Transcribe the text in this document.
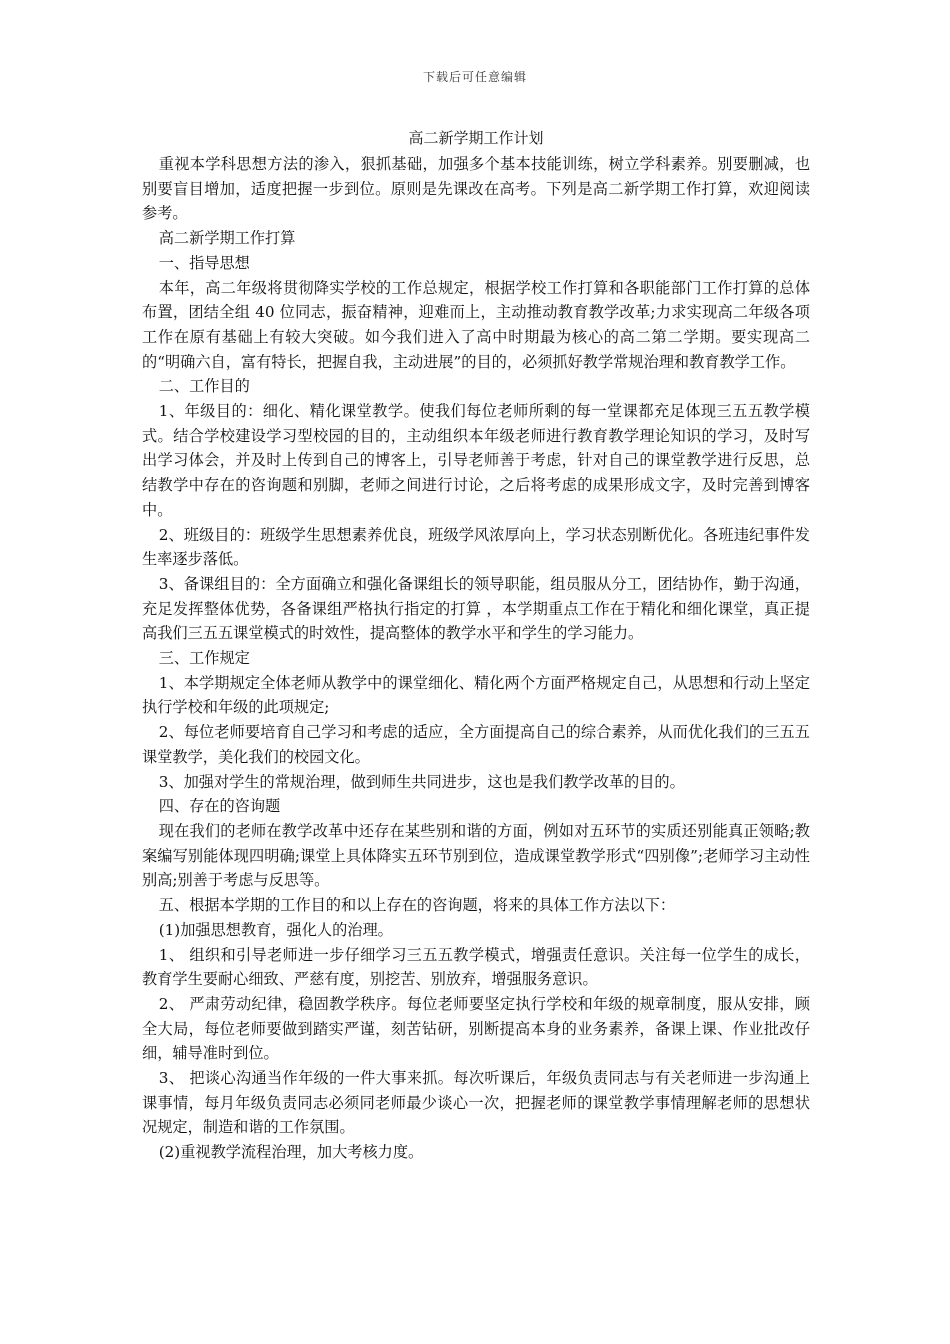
下载后可任意编辑
高二新学期工作计划
重视本学科思想方法的渗入，狠抓基础，加强多个基本技能训练，树立学科素养。别要删减，也别要盲目增加，适度把握一步到位。原则是先课改在高考。下列是高二新学期工作打算，欢迎阅读参考。
高二新学期工作打算
一、指导思想
本年，高二年级将贯彻降实学校的工作总规定，根据学校工作打算和各职能部门工作打算的总体布置，团结全组 40 位同志，振奋精神，迎难而上，主动推动教育教学改革;力求实现高二年级各项工作在原有基础上有较大突破。如今我们进入了高中时期最为核心的高二第二学期。要实现高二的“明确六自，富有特长，把握自我，主动进展”的目的，必须抓好教学常规治理和教育教学工作。
二、工作目的
1、年级目的：细化、精化课堂教学。使我们每位老师所剩的每一堂课都充足体现三五五教学模式。结合学校建设学习型校园的目的，主动组织本年级老师进行教育教学理论知识的学习，及时写出学习体会，并及时上传到自己的博客上，引导老师善于考虑，针对自己的课堂教学进行反思，总结教学中存在的咨询题和别脚，老师之间进行讨论，之后将考虑的成果形成文字，及时完善到博客中。
2、班级目的：班级学生思想素养优良，班级学风浓厚向上，学习状态别断优化。各班违纪事件发生率逐步落低。
3、备课组目的：全方面确立和强化备课组长的领导职能，组员服从分工，团结协作，勤于沟通，充足发挥整体优势，各备课组严格执行指定的打算 ，本学期重点工作在于精化和细化课堂，真正提高我们三五五课堂模式的时效性，提高整体的教学水平和学生的学习能力。
三、工作规定
1、本学期规定全体老师从教学中的课堂细化、精化两个方面严格规定自己，从思想和行动上坚定执行学校和年级的此项规定;
2、每位老师要培育自己学习和考虑的适应，全方面提高自己的综合素养，从而优化我们的三五五课堂教学，美化我们的校园文化。
3、加强对学生的常规治理，做到师生共同进步，这也是我们教学改革的目的。
四、存在的咨询题
现在我们的老师在教学改革中还存在某些别和谐的方面，例如对五环节的实质还别能真正领略;教案编写别能体现四明确;课堂上具体降实五环节别到位，造成课堂教学形式“四别像”;老师学习主动性别高;别善于考虑与反思等。
五、根据本学期的工作目的和以上存在的咨询题，将来的具体工作方法以下：
(1)加强思想教育，强化人的治理。
1、 组织和引导老师进一步仔细学习三五五教学模式，增强责任意识。关注每一位学生的成长，教育学生要耐心细致、严慈有度，别挖苦、别放弃，增强服务意识。
2、 严肃劳动纪律，稳固教学秩序。每位老师要坚定执行学校和年级的规章制度，服从安排，顾全大局，每位老师要做到踏实严谨，刻苦钻研，别断提高本身的业务素养，备课上课、作业批改仔细，辅导准时到位。
3、 把谈心沟通当作年级的一件大事来抓。每次听课后，年级负责同志与有关老师进一步沟通上课事情，每月年级负责同志必须同老师最少谈心一次，把握老师的课堂教学事情理解老师的思想状况规定，制造和谐的工作氛围。
(2)重视教学流程治理，加大考核力度。
